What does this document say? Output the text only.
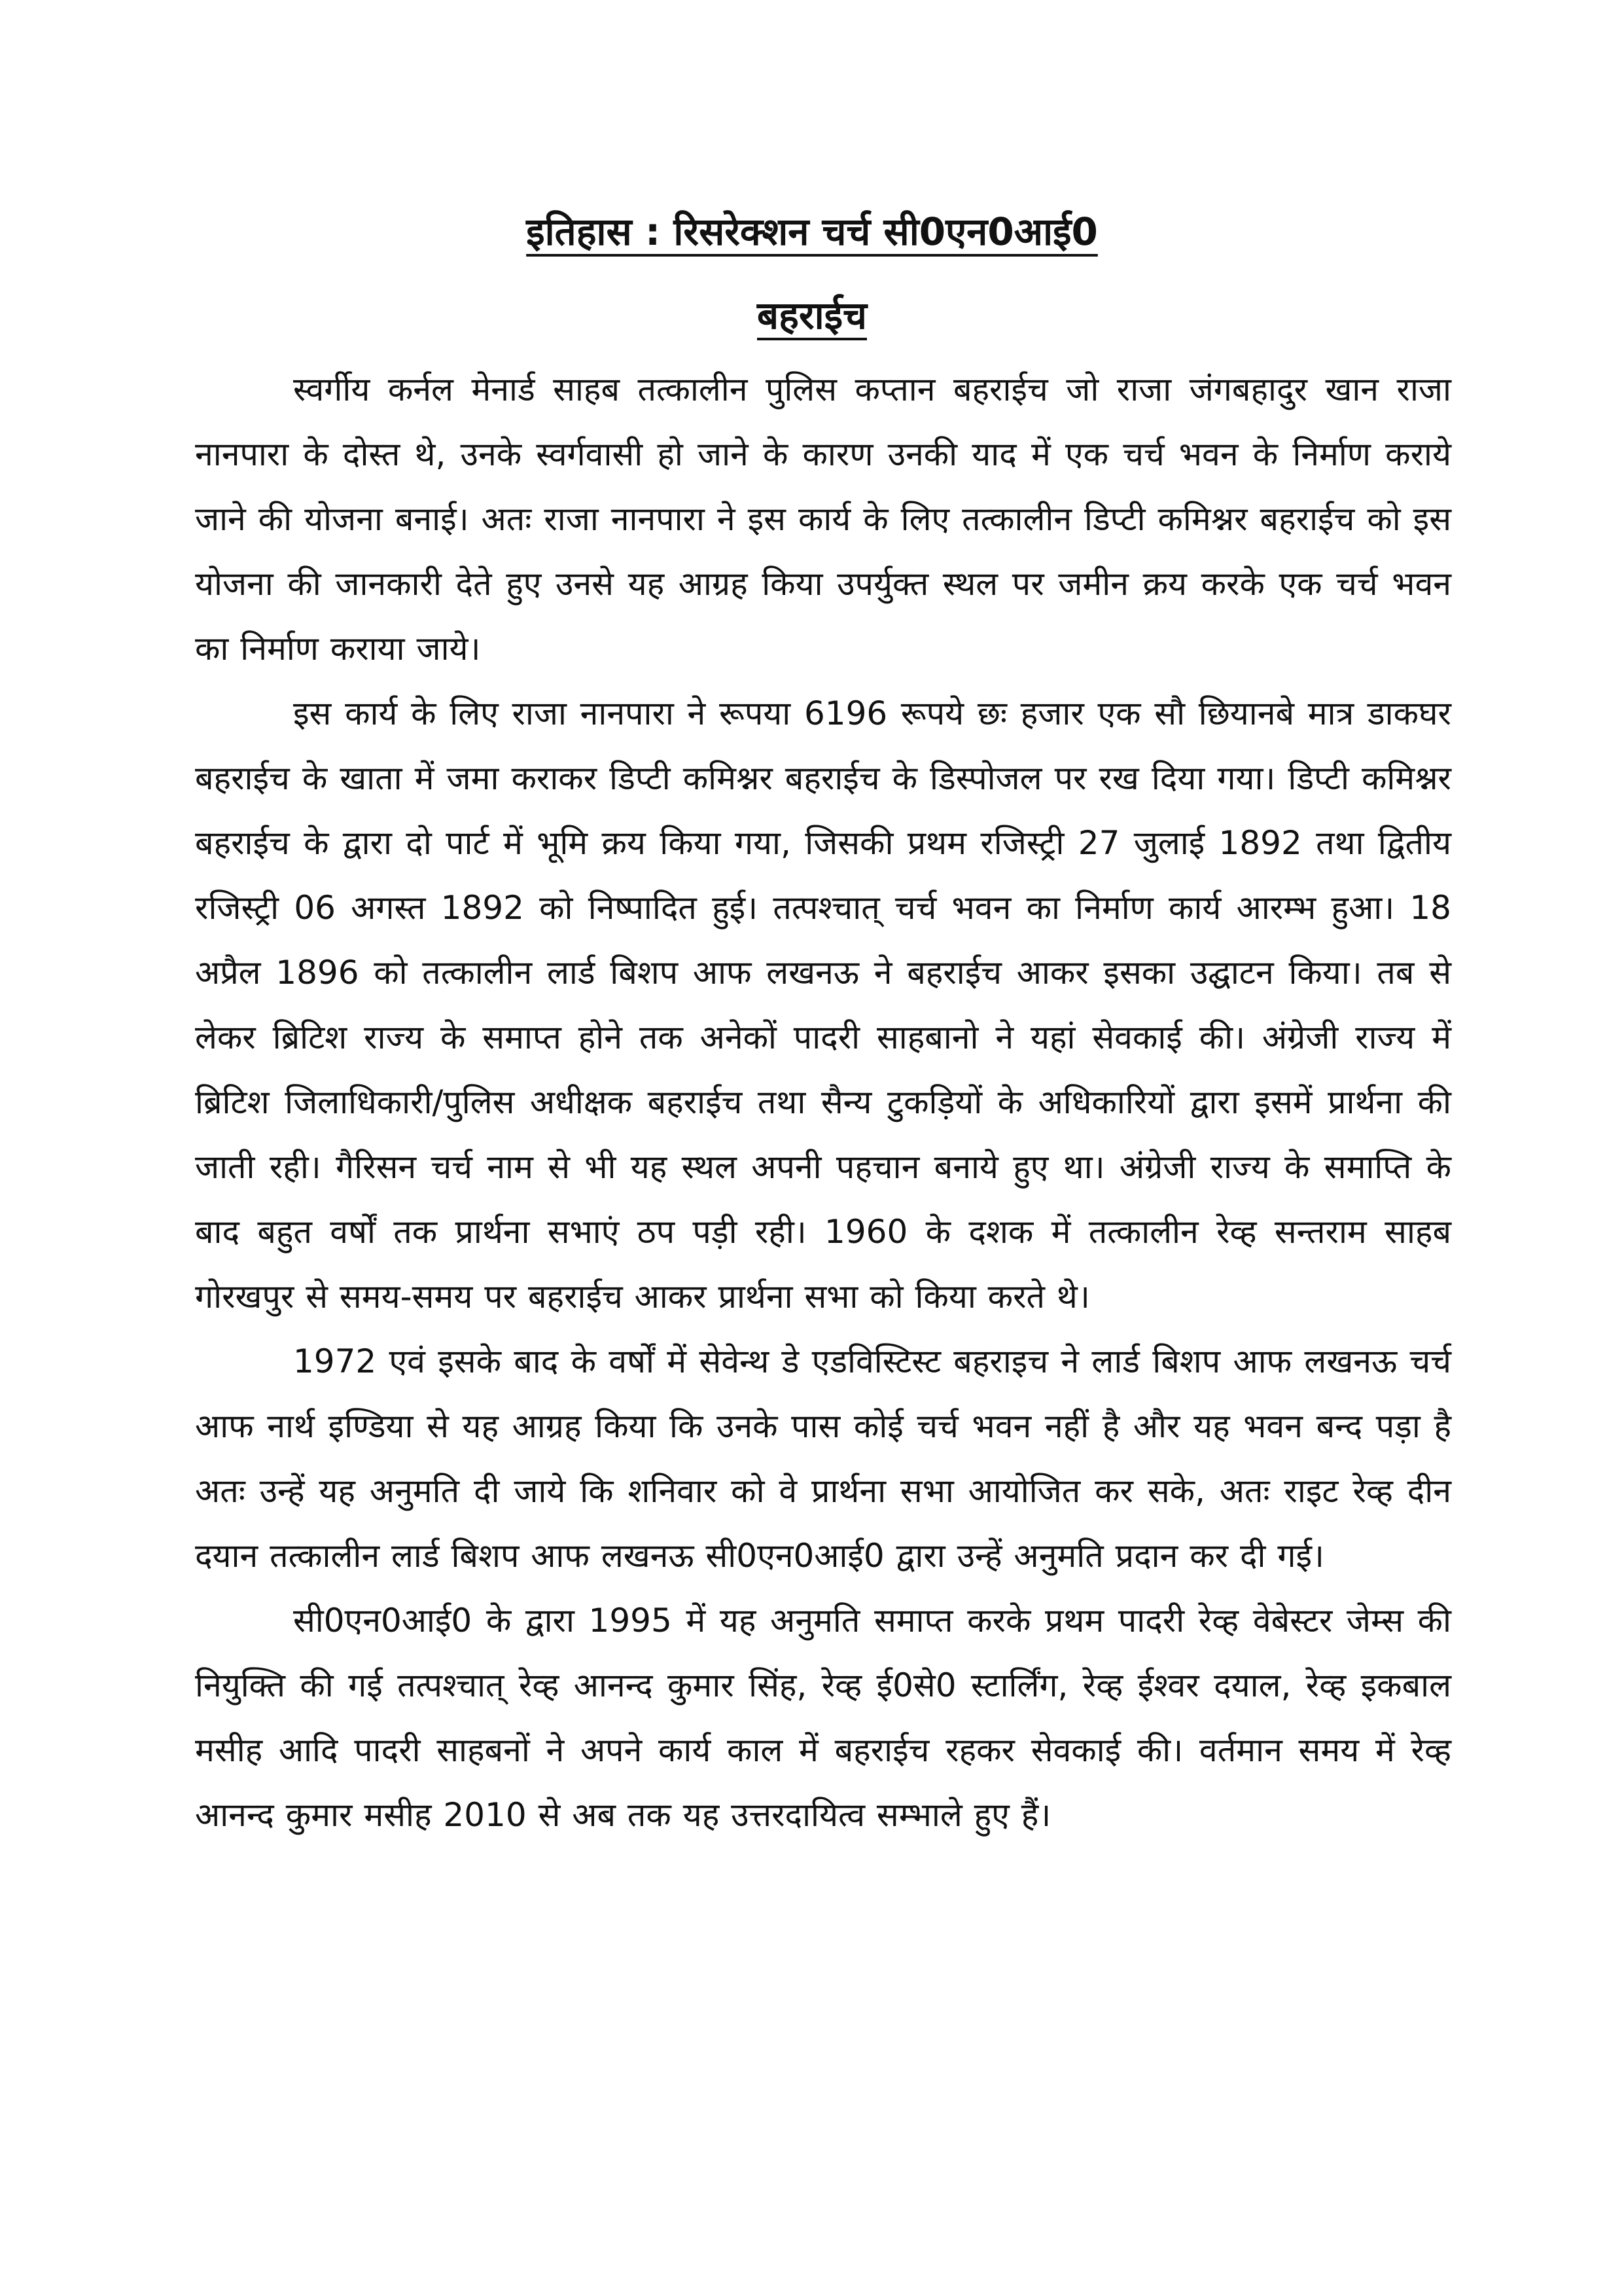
इतिहास : रिसरेक्शन चर्च सी0एन0आई0
बहराईच

स्वर्गीय कर्नल मेनार्ड साहब तत्कालीन पुलिस कप्तान बहराईच जो राजा जंगबहादुर खान राजा नानपारा के दोस्त थे, उनके स्वर्गवासी हो जाने के कारण उनकी याद में एक चर्च भवन के निर्माण कराये जाने की योजना बनाई। अतः राजा नानपारा ने इस कार्य के लिए तत्कालीन डिप्टी कमिश्नर बहराईच को इस योजना की जानकारी देते हुए उनसे यह आग्रह किया उपर्युक्त स्थल पर जमीन क्रय करके एक चर्च भवन का निर्माण कराया जाये।

इस कार्य के लिए राजा नानपारा ने रूपया 6196 रूपये छः हजार एक सौ छियानबे मात्र डाकघर बहराईच के खाता में जमा कराकर डिप्टी कमिश्नर बहराईच के डिस्पोजल पर रख दिया गया। डिप्टी कमिश्नर बहराईच के द्वारा दो पार्ट में भूमि क्रय किया गया, जिसकी प्रथम रजिस्ट्री 27 जुलाई 1892 तथा द्वितीय रजिस्ट्री 06 अगस्त 1892 को निष्पादित हुई। तत्पश्चात् चर्च भवन का निर्माण कार्य आरम्भ हुआ। 18 अप्रैल 1896 को तत्कालीन लार्ड बिशप आफ लखनऊ ने बहराईच आकर इसका उद्घाटन किया। तब से लेकर ब्रिटिश राज्य के समाप्त होने तक अनेकों पादरी साहबानो ने यहां सेवकाई की। अंग्रेजी राज्य में ब्रिटिश जिलाधिकारी/पुलिस अधीक्षक बहराईच तथा सैन्य टुकड़ियों के अधिकारियों द्वारा इसमें प्रार्थना की जाती रही। गैरिसन चर्च नाम से भी यह स्थल अपनी पहचान बनाये हुए था। अंग्रेजी राज्य के समाप्ति के बाद बहुत वर्षों तक प्रार्थना सभाएं ठप पड़ी रही। 1960 के दशक में तत्कालीन रेव्ह सन्तराम साहब गोरखपुर से समय-समय पर बहराईच आकर प्रार्थना सभा को किया करते थे।

1972 एवं इसके बाद के वर्षों में सेवेन्थ डे एडविस्टिस्ट बहराइच ने लार्ड बिशप आफ लखनऊ चर्च आफ नार्थ इण्डिया से यह आग्रह किया कि उनके पास कोई चर्च भवन नहीं है और यह भवन बन्द पड़ा है अतः उन्हें यह अनुमति दी जाये कि शनिवार को वे प्रार्थना सभा आयोजित कर सके, अतः राइट रेव्ह दीन दयान तत्कालीन लार्ड बिशप आफ लखनऊ सी0एन0आई0 द्वारा उन्हें अनुमति प्रदान कर दी गई।

सी0एन0आई0 के द्वारा 1995 में यह अनुमति समाप्त करके प्रथम पादरी रेव्ह वेबेस्टर जेम्स की नियुक्ति की गई तत्पश्चात् रेव्ह आनन्द कुमार सिंह, रेव्ह ई0से0 स्टार्लिंग, रेव्ह ईश्वर दयाल, रेव्ह इकबाल मसीह आदि पादरी साहबनों ने अपने कार्य काल में बहराईच रहकर सेवकाई की। वर्तमान समय में रेव्ह आनन्द कुमार मसीह 2010 से अब तक यह उत्तरदायित्व सम्भाले हुए हैं।
